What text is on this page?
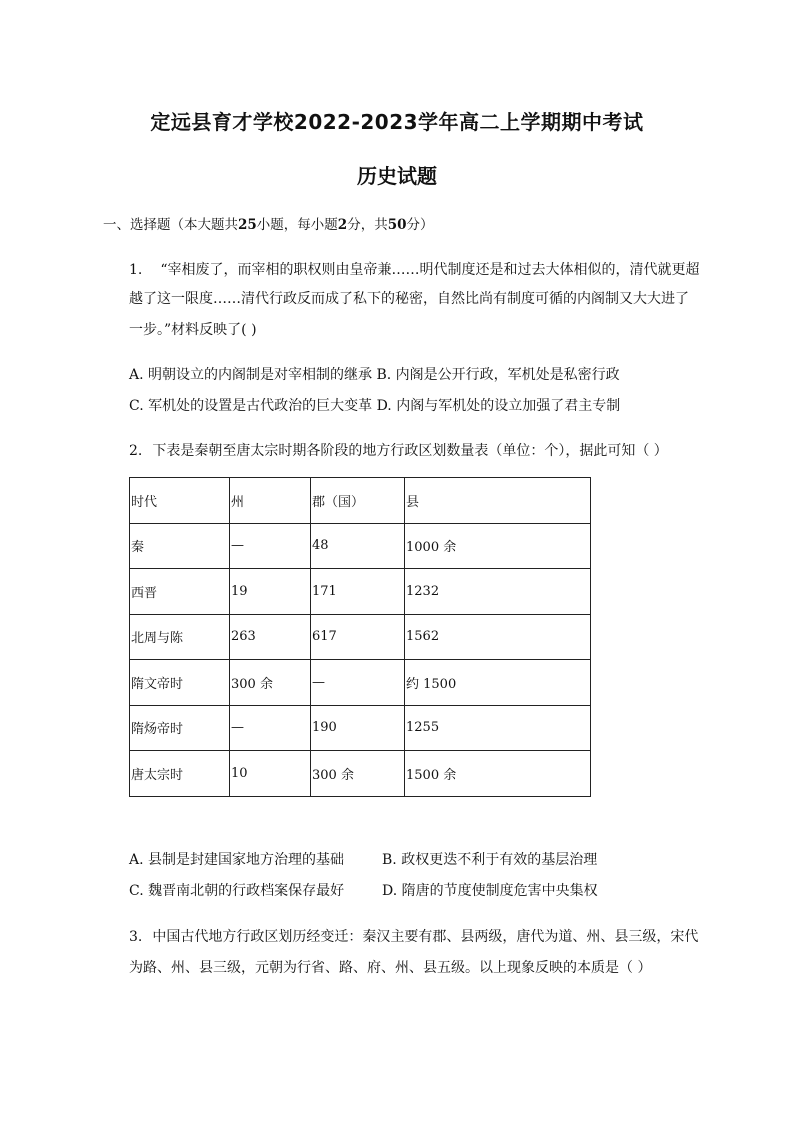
定远县育才学校2022-2023学年高二上学期期中考试
历史试题
一、选择题（本大题共25小题，每小题2分，共50分）
1. “宰相废了，而宰相的职权则由皇帝兼……明代制度还是和过去大体相似的，清代就更超
越了这一限度……清代行政反而成了私下的秘密，自然比尚有制度可循的内阁制又大大进了
一步。”材料反映了( )
A. 明朝设立的内阁制是对宰相制的继承 B. 内阁是公开行政，军机处是私密行政
C. 军机处的设置是古代政治的巨大变革 D. 内阁与军机处的设立加强了君主专制
2. 下表是秦朝至唐太宗时期各阶段的地方行政区划数量表（单位：个），据此可知（ ）
时代	州	郡（国）	县
秦	—	48	1000 余
西晋	19	171	1232
北周与陈	263	617	1562
隋文帝时	300 余	—	约 1500
隋炀帝时	—	190	1255
唐太宗时	10	300 余	1500 余
A. 县制是封建国家地方治理的基础	B. 政权更迭不利于有效的基层治理
C. 魏晋南北朝的行政档案保存最好	D. 隋唐的节度使制度危害中央集权
3. 中国古代地方行政区划历经变迁：秦汉主要有郡、县两级，唐代为道、州、县三级，宋代
为路、州、县三级，元朝为行省、路、府、州、县五级。以上现象反映的本质是（ ）
